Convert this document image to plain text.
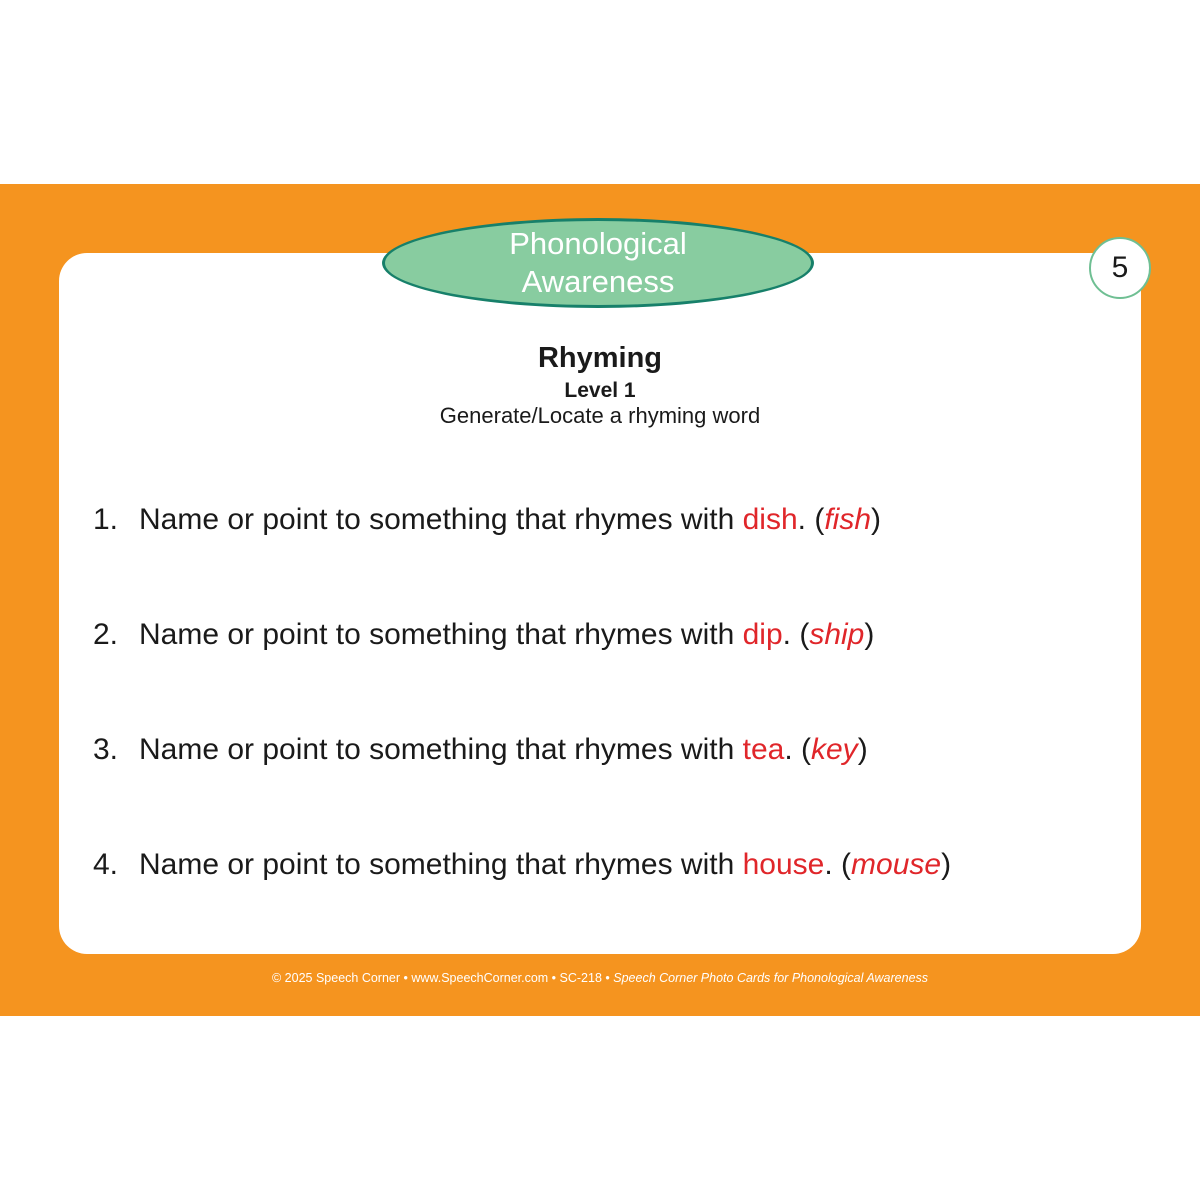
Phonological
Awareness	5
Rhyming
Level 1
Generate/Locate a rhyming word
1. Name or point to something that rhymes with dish. (fish)
2. Name or point to something that rhymes with dip. (ship)
3. Name or point to something that rhymes with tea. (key)
4. Name or point to something that rhymes with house. (mouse)
© 2025 Speech Corner • www.SpeechCorner.com • SC-218 • Speech Corner Photo Cards for Phonological Awareness
